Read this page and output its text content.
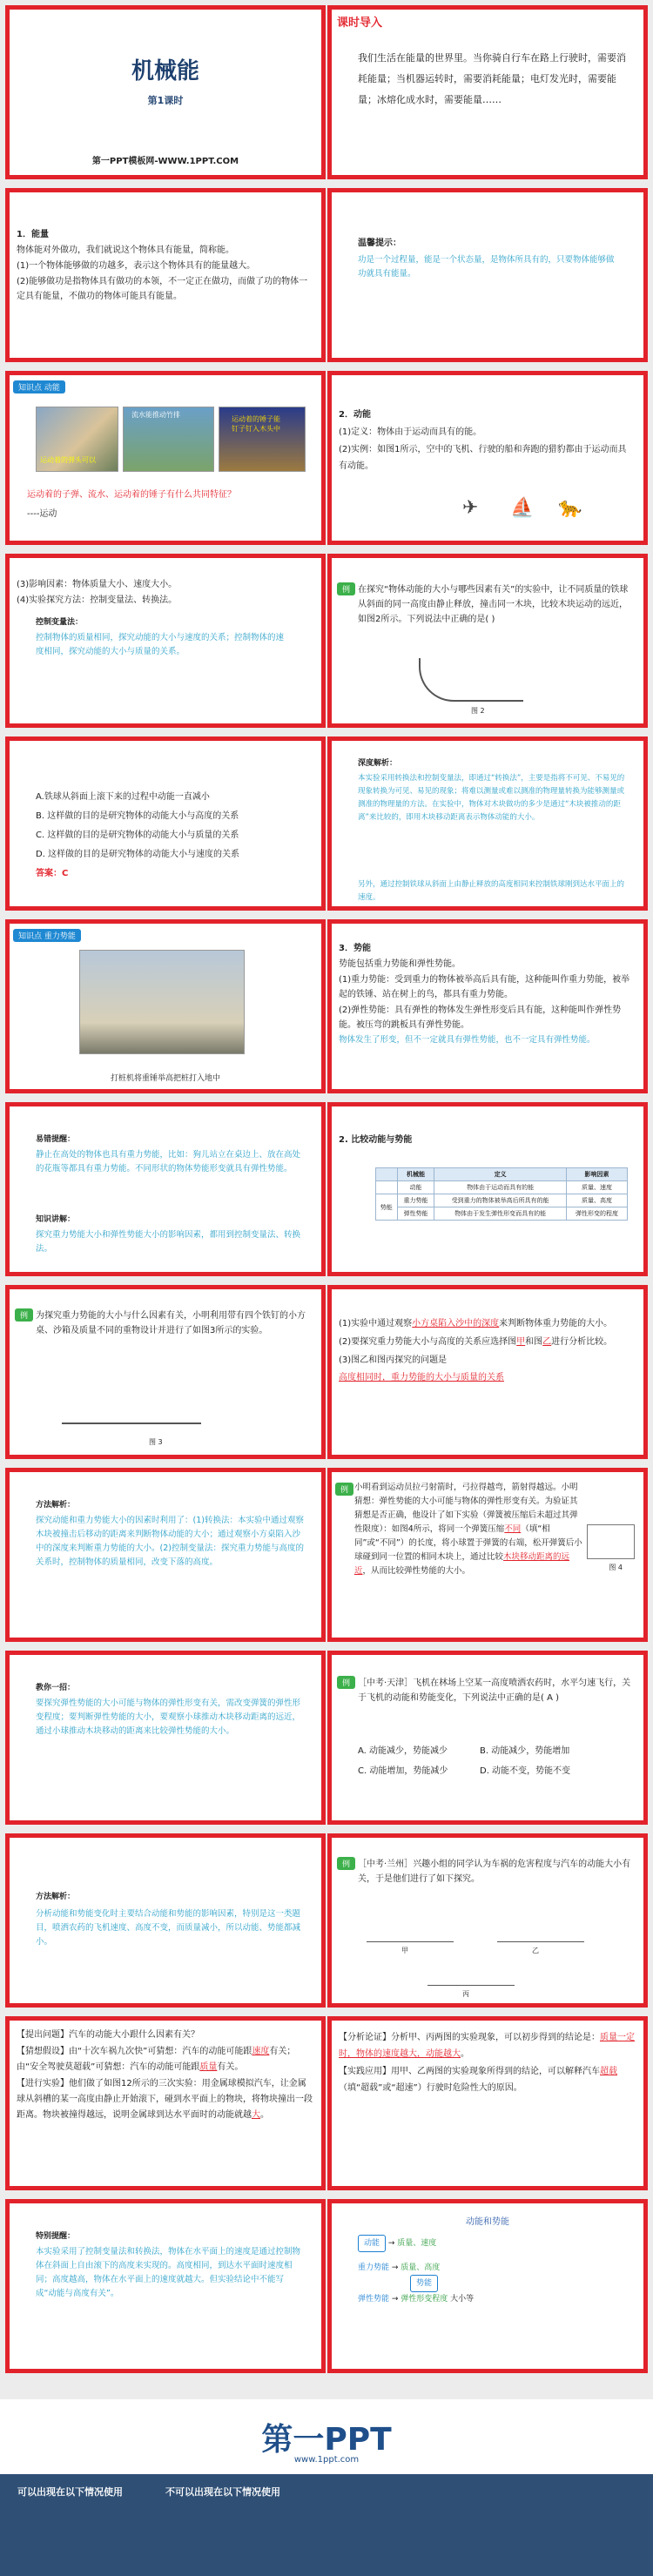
机械能
第1课时
第一PPT模板网-WWW.1PPT.COM
课时导入
我们生活在能量的世界里。当你骑自行车在路上行驶时，需要消耗能量；当机器运转时，需要消耗能量；电灯发光时，需要能量；冰熔化成水时，需要能量……

1．能量

物体能对外做功，我们就说这个物体具有能量，简称能。

(1)一个物体能够做的功越多，表示这个物体具有的能量越大。

(2)能够做功是指物体具有做功的本领，不一定正在做功，而做了功的物体一定具有能量，不做功的物体可能具有能量。

温馨提示：
功是一个过程量，能是一个状态量，是物体所具有的，只要物体能够做功就具有能量。
知识点 动能
流水能推动竹排
运动着的锤子能钉子钉入木头中
运动着的弹头可以
运动着的子弹、流水、运动着的锤子有什么共同特征？
----运动

2．动能

(1)定义：物体由于运动而具有的能。

(2)实例：如图1所示，空中的飞机、行驶的船和奔跑的猎豹都由于运动而具有动能。

✈ ⛵ 🐆

(3)影响因素：物体质量大小、速度大小。

(4)实验探究方法：控制变量法、转换法。

控制变量法：
控制物体的质量相同，探究动能的大小与速度的关系；控制物体的速度相同，探究动能的大小与质量的关系。
例 在探究“物体动能的大小与哪些因素有关”的实验中，让不同质量的铁球从斜面的同一高度由静止释放，撞击同一木块，比较木块运动的远近，如图2所示。下列说法中正确的是( )
图 2

A.铁球从斜面上滚下来的过程中动能一直减小

B. 这样做的目的是研究物体的动能大小与高度的关系

C. 这样做的目的是研究物体的动能大小与质量的关系

D. 这样做的目的是研究物体的动能大小与速度的关系

答案：C

深度解析：
本实验采用转换法和控制变量法，即通过“转换法”，主要是指将不可见、不易见的现象转换为可见、易见的现象；将难以测量或难以测准的物理量转换为能够测量或测准的物理量的方法。在实验中，物体对木块做功的多少是通过“木块被推动的距离”来比较的，即用木块移动距离表示物体动能的大小。
另外，通过控制铁球从斜面上由静止释放的高度相同来控制铁球刚到达水平面上的速度。
知识点 重力势能
打桩机将重锤举高把桩打入地中

3．势能

势能包括重力势能和弹性势能。

(1)重力势能：受到重力的物体被举高后具有能，这种能叫作重力势能，被举起的铁锤、站在树上的鸟，都具有重力势能。

(2)弹性势能：具有弹性的物体发生弹性形变后具有能，这种能叫作弹性势能。被压弯的跳板具有弹性势能。

物体发生了形变，但不一定就具有弹性势能，也不一定具有弹性势能。

易错提醒：
静止在高处的物体也具有重力势能，比如：狗儿站立在桌边上、放在高处的花瓶等都具有重力势能。不同形状的物体势能形变就具有弹性势能。
知识讲解：
探究重力势能大小和弹性势能大小的影响因素，都用到控制变量法、转换法。
2. 比较动能与势能
	机械能	定义	影响因素
	动能	物体由于运动而具有的能	质量、速度
势能	重力势能	受到重力的物体被举高后所具有的能	质量、高度
	弹性势能	物体由于发生弹性形变而具有的能	弹性形变的程度
例 为探究重力势能的大小与什么因素有关，小明利用带有四个铁钉的小方桌、沙箱及质量不同的重物设计并进行了如图3所示的实验。
图 3

(1)实验中通过观察小方桌陷入沙中的深度来判断物体重力势能的大小。

(2)要探究重力势能大小与高度的关系应选择图甲和图乙进行分析比较。

(3)图乙和图丙探究的问题是
高度相同时，重力势能的大小与质量的关系

方法解析：
探究动能和重力势能大小的因素时利用了：(1)转换法：本实验中通过观察木块被撞击后移动的距离来判断物体动能的大小；通过观察小方桌陷入沙中的深度来判断重力势能的大小。(2)控制变量法：探究重力势能与高度的关系时，控制物体的质量相同，改变下落的高度。
例 小明看到运动员拉弓射箭时，弓拉得越弯，箭射得越远。小明猜想：弹性势能的大小可能与物体的弹性形变有关。为验证其猜想是否正确，他设计了如下实验（弹簧被压缩后未超过其弹性限度）：如图4所示，将同一个弹簧压缩不同（填“相同”或“不同”）的长度，将小球置于弹簧的右端，松开弹簧后小球碰到同一位置的相同木块上，通过比较木块移动距离的远近，从而比较弹性势能的大小。	图 4
教你一招：
要探究弹性势能的大小可能与物体的弹性形变有关，需改变弹簧的弹性形变程度；要判断弹性势能的大小，要观察小球推动木块移动距离的远近，通过小球推动木块移动的距离来比较弹性势能的大小。
例 ［中考·天津］飞机在林场上空某一高度喷洒农药时，水平匀速飞行，关于飞机的动能和势能变化，下列说法中正确的是( A )

A. 动能减少，势能减少	B. 动能减少，势能增加

C. 动能增加，势能减少	D. 动能不变，势能不变

方法解析：
分析动能和势能变化时主要结合动能和势能的影响因素，特别是这一类题目，喷洒农药的飞机速度、高度不变，而质量减小，所以动能、势能都减小。
例 ［中考·兰州］兴趣小组的同学认为车祸的危害程度与汽车的动能大小有关，于是他们进行了如下探究。
甲	乙
丙

【提出问题】汽车的动能大小跟什么因素有关？

【猜想假设】由“十次车祸九次快”可猜想：汽车的动能可能跟速度有关；由“安全驾驶莫超载”可猜想：汽车的动能可能跟质量有关。

【进行实验】他们做了如图12所示的三次实验：用金属球模拟汽车，让金属球从斜槽的某一高度由静止开始滚下，碰到水平面上的物块，将物块撞出一段距离。物块被撞得越远，说明金属球到达水平面时的动能就越大。

【分析论证】分析甲、丙两图的实验现象，可以初步得到的结论是：质量一定时，物体的速度越大，动能越大。

【实践应用】用甲、乙两图的实验现象所得到的结论，可以解释汽车超载（填“超载”或“超速”）行驶时危险性大的原因。

特别提醒：
本实验采用了控制变量法和转换法，物体在水平面上的速度是通过控制物体在斜面上自由滚下的高度来实现的。高度相同，到达水平面时速度相同；高度越高，物体在水平面上的速度就越大。但实验结论中不能写成“动能与高度有关”。
动能和势能
动能 → 质量、速度
重力势能 → 质量、高度
势能
弹性势能 → 弹性形变程度 大小等
第一PPT
www.1ppt.com
可以出现在以下情况使用	不可以出现在以下情况使用
